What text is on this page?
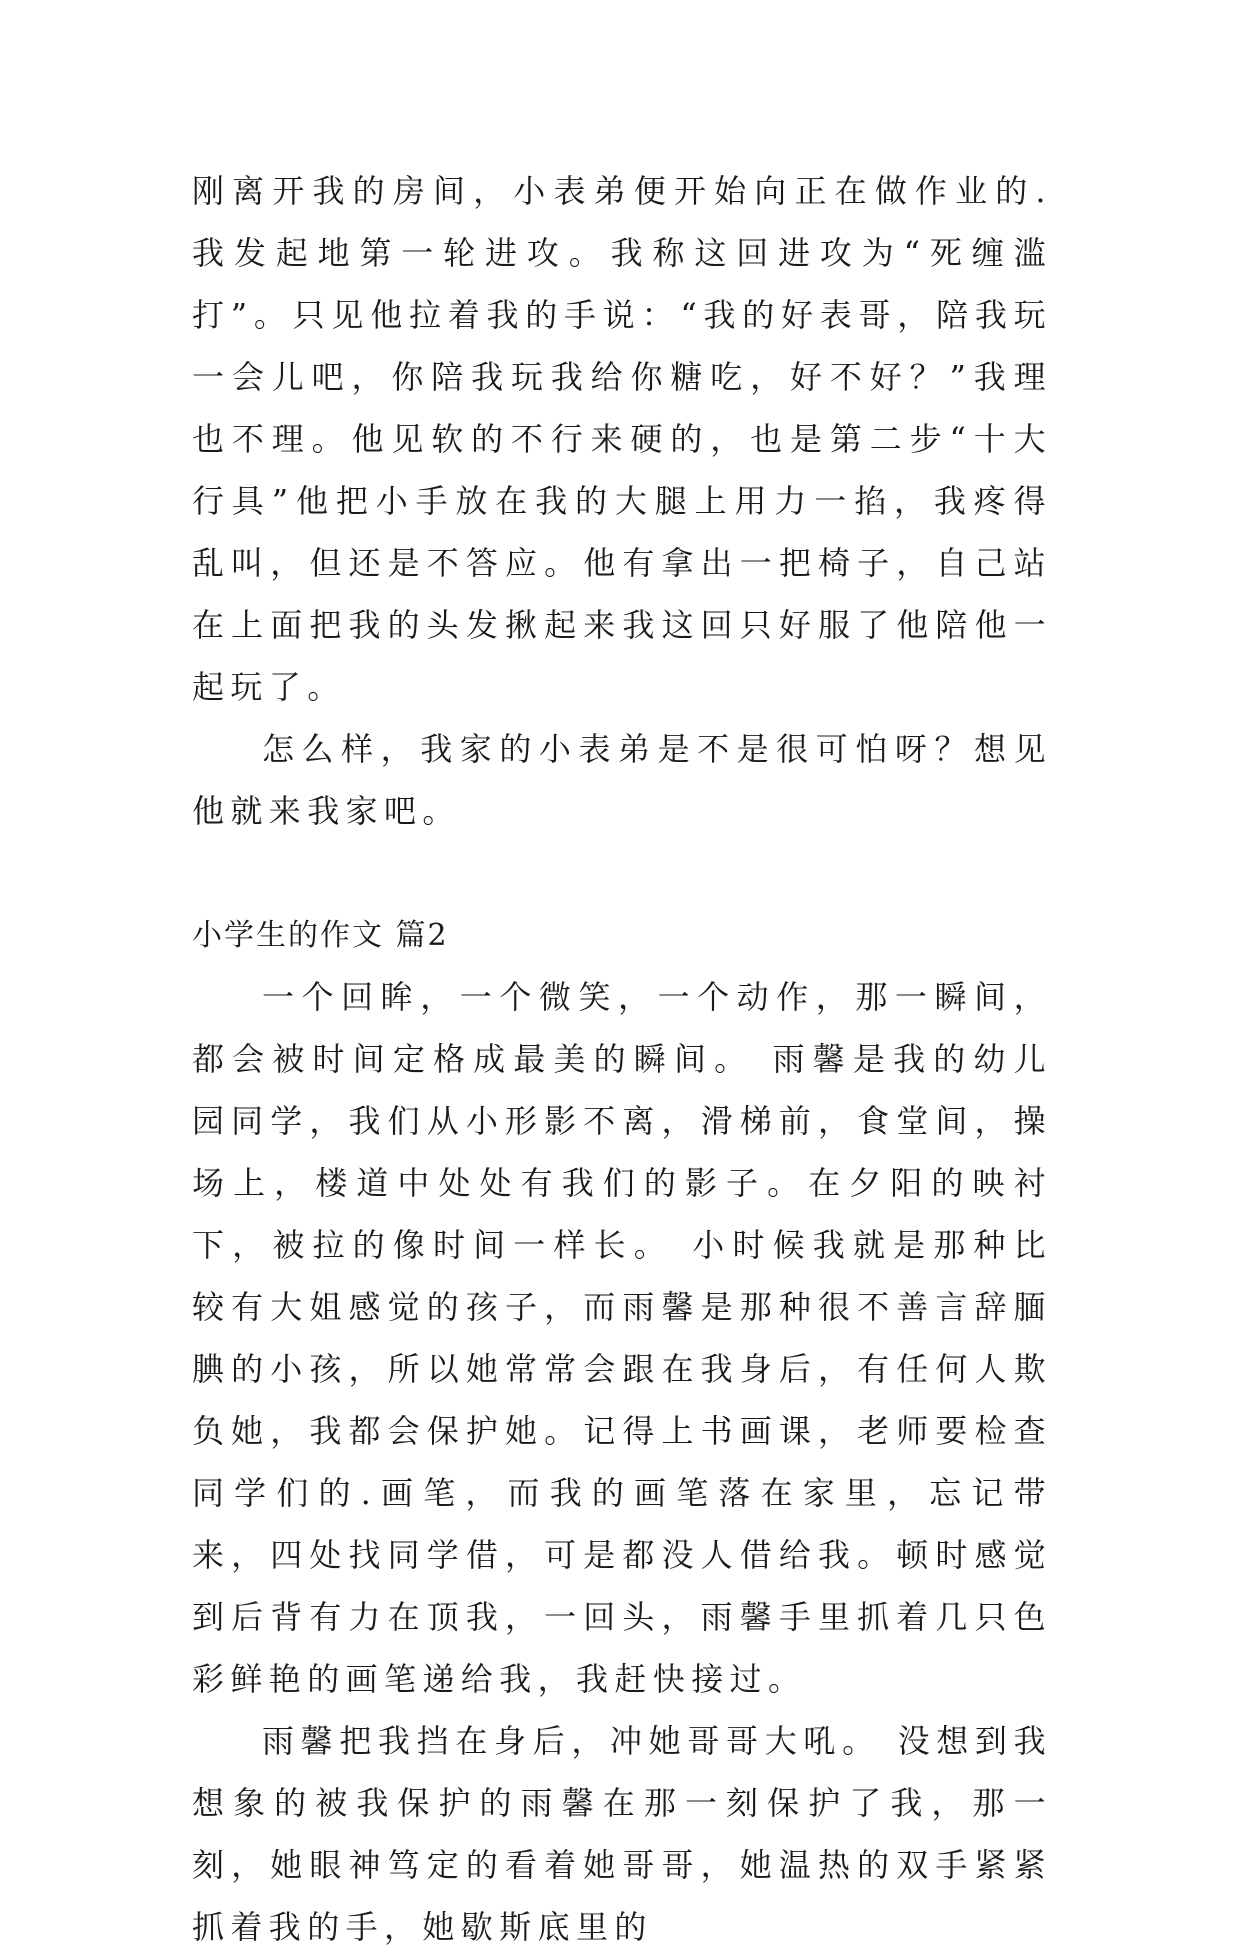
刚离开我的房间，小表弟便开始向正在做作业的.我发起地第一轮进攻。我称这回进攻为“死缠滥打”。只见他拉着我的手说：“我的好表哥，陪我玩一会儿吧，你陪我玩我给你糖吃，好不好？”我理也不理。他见软的不行来硬的，也是第二步“十大行具”他把小手放在我的大腿上用力一掐，我疼得乱叫，但还是不答应。他有拿出一把椅子，自己站在上面把我的头发揪起来我这回只好服了他陪他一起玩了。

怎么样，我家的小表弟是不是很可怕呀？想见他就来我家吧。

小学生的作文 篇2

一个回眸，一个微笑，一个动作，那一瞬间，都会被时间定格成最美的瞬间。 雨馨是我的幼儿园同学，我们从小形影不离，滑梯前，食堂间，操场上，楼道中处处有我们的影子。在夕阳的映衬下，被拉的像时间一样长。 小时候我就是那种比较有大姐感觉的孩子，而雨馨是那种很不善言辞腼腆的小孩，所以她常常会跟在我身后，有任何人欺负她，我都会保护她。记得上书画课，老师要检查同学们的.画笔，而我的画笔落在家里，忘记带来，四处找同学借，可是都没人借给我。顿时感觉到后背有力在顶我，一回头，雨馨手里抓着几只色彩鲜艳的画笔递给我，我赶快接过。

雨馨把我挡在身后，冲她哥哥大吼。 没想到我想象的被我保护的雨馨在那一刻保护了我，那一刻，她眼神笃定的看着她哥哥，她温热的双手紧紧抓着我的手，她歇斯底里的
